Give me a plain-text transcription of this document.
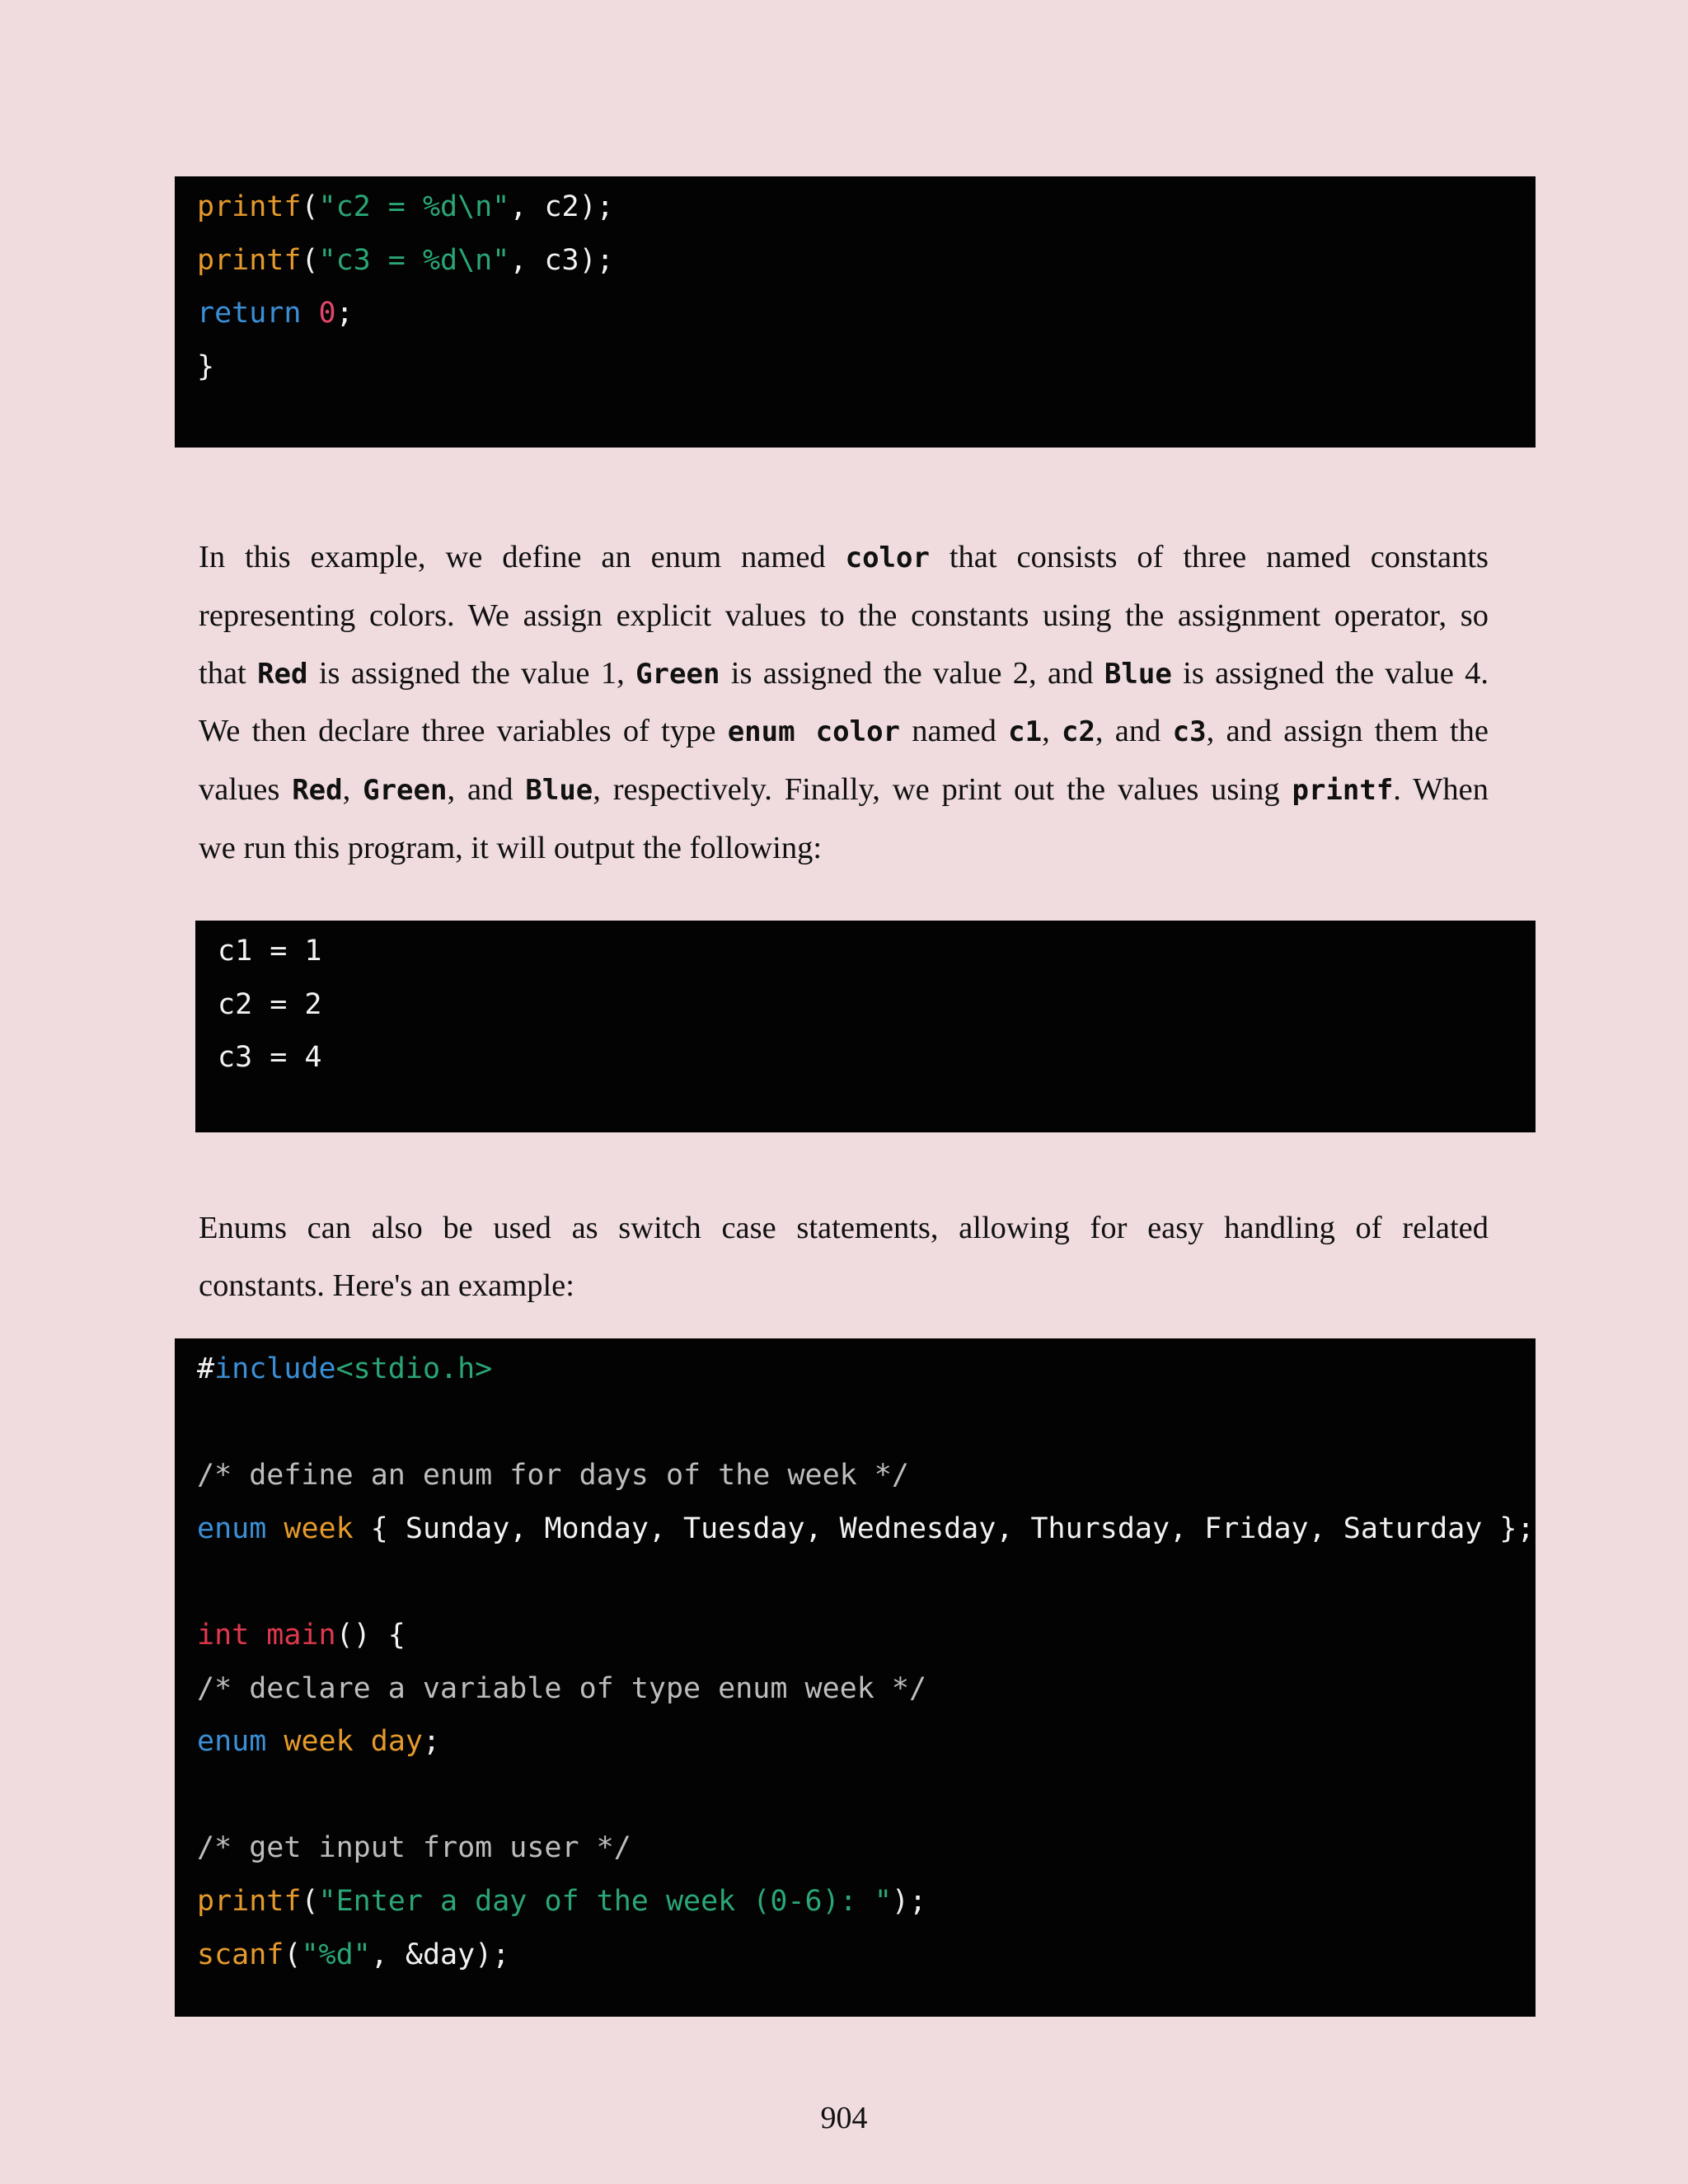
printf("c2 = %d\n", c2);
printf("c3 = %d\n", c3);
return 0;
}
In this example, we define an enum named color that consists of three named constants
representing colors. We assign explicit values to the constants using the assignment operator, so
that Red is assigned the value 1, Green is assigned the value 2, and Blue is assigned the value 4.
We then declare three variables of type enum color named c1, c2, and c3, and assign them the
values Red, Green, and Blue, respectively. Finally, we print out the values using printf. When
we run this program, it will output the following:
c1 = 1
c2 = 2
c3 = 4
Enums can also be used as switch case statements, allowing for easy handling of related
constants. Here's an example:
#include<stdio.h>
/* define an enum for days of the week */
enum week { Sunday, Monday, Tuesday, Wednesday, Thursday, Friday, Saturday };
int main() {
/* declare a variable of type enum week */
enum week day;
/* get input from user */
printf("Enter a day of the week (0-6): ");
scanf("%d", &day);
904
